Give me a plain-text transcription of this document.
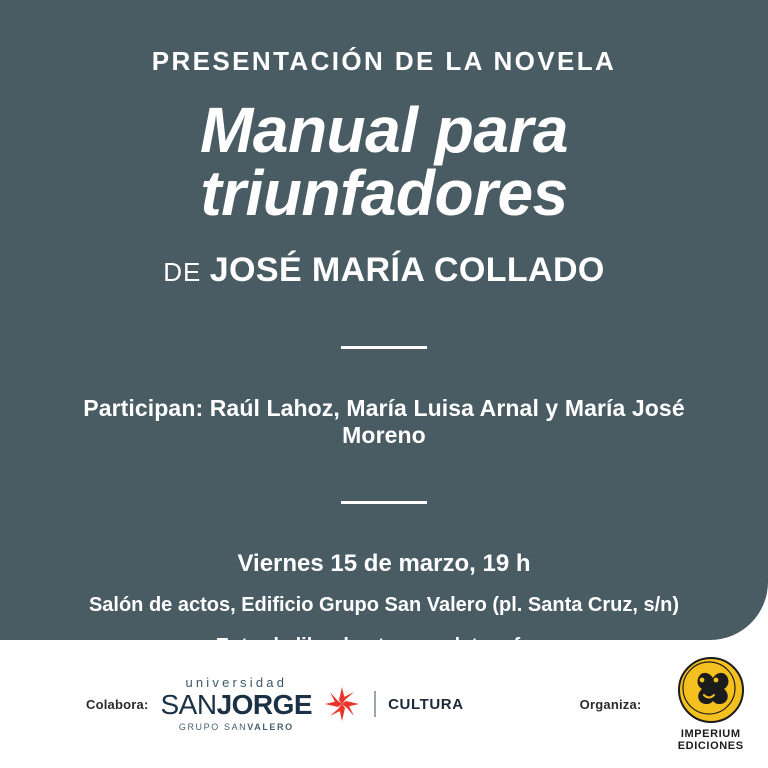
PRESENTACIÓN DE LA NOVELA
Manual para
triunfadores
DE JOSÉ MARÍA COLLADO
Participan: Raúl Lahoz, María Luisa Arnal y María José Moreno
Viernes 15 de marzo, 19 h
Salón de actos, Edificio Grupo San Valero (pl. Santa Cruz, s/n)
Colabora:
universidad
SANJORGE
GRUPO SANVALERO
CULTURA	Organiza:
IMPERIUM EDICIONES
